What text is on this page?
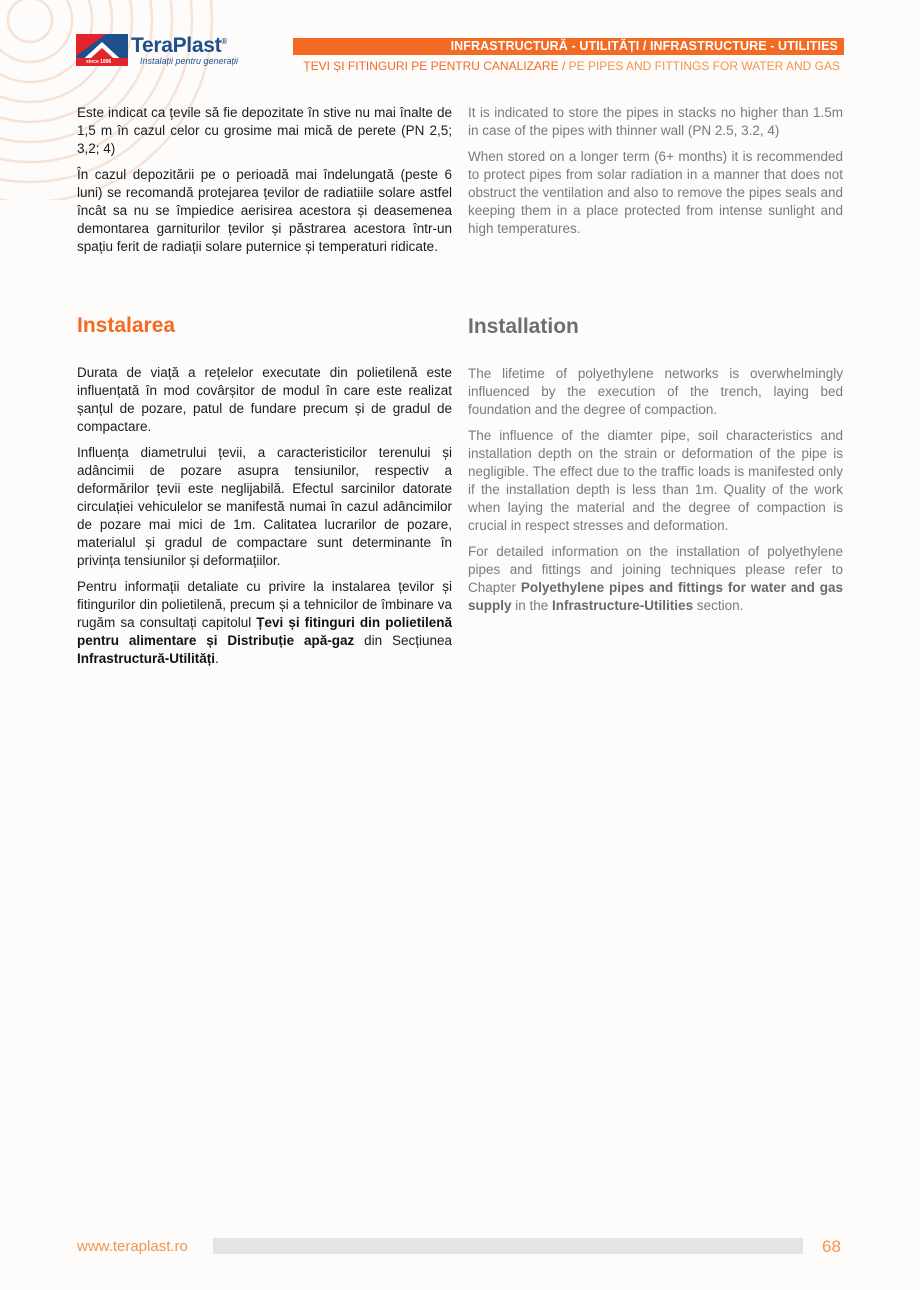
since 1896
TeraPlast®
Instalații pentru generații
INFRASTRUCTURĂ - UTILITĂȚI / INFRASTRUCTURE - UTILITIES
ȚEVI ȘI FITINGURI PE PENTRU CANALIZARE / PE PIPES AND FITTINGS FOR WATER AND GAS

Este indicat ca țevile să fie depozitate în stive nu mai înalte de 1,5 m în cazul celor cu grosime mai mică de perete (PN 2,5; 3,2; 4)

În cazul depozitării pe o perioadă mai îndelungată (peste 6 luni) se recomandă protejarea țevilor de radiatiile solare astfel încât sa nu se împiedice aerisirea acestora și deasemenea demontarea garniturilor țevilor și păstrarea acestora într-un spațiu ferit de radiații solare puternice și temperaturi ridicate.

It is indicated to store the pipes in stacks no higher than 1.5m in case of the pipes with thinner wall (PN 2.5, 3.2, 4)

When stored on a longer term (6+ months) it is recommended to protect pipes from solar radiation in a manner that does not obstruct the ventilation and also to remove the pipes seals and keeping them in a place protected from intense sunlight and high temperatures.

Instalarea	Installation

Durata de viață a rețelelor executate din polietilenă este influențată în mod covârșitor de modul în care este realizat șanțul de pozare, patul de fundare precum și de gradul de compactare.

Influența diametrului țevii, a caracteristicilor terenului și adâncimii de pozare asupra tensiunilor, respectiv a deformărilor țevii este neglijabilă. Efectul sarcinilor datorate circulației vehiculelor se manifestă numai în cazul adâncimilor de pozare mai mici de 1m. Calitatea lucrarilor de pozare, materialul și gradul de compactare sunt determinante în privința tensiunilor și deformațiilor.

Pentru informații detaliate cu privire la instalarea țevilor și fitingurilor din polietilenă, precum și a tehnicilor de îmbinare va rugăm sa consultați capitolul Țevi și fitinguri din polietilenă pentru alimentare și Distribuție apă-gaz din Secțiunea Infrastructură-Utilități.

The lifetime of polyethylene networks is overwhelmingly influenced by the execution of the trench, laying bed foundation and the degree of compaction.

The influence of the diamter pipe, soil characteristics and installation depth on the strain or deformation of the pipe is negligible. The effect due to the traffic loads is manifested only if the installation depth is less than 1m. Quality of the work when laying the material and the degree of compaction is crucial in respect stresses and deformation.

For detailed information on the installation of polyethylene pipes and fittings and joining techniques please refer to Chapter Polyethylene pipes and fittings for water and gas supply in the Infrastructure-Utilities section.

www.teraplast.ro	68
